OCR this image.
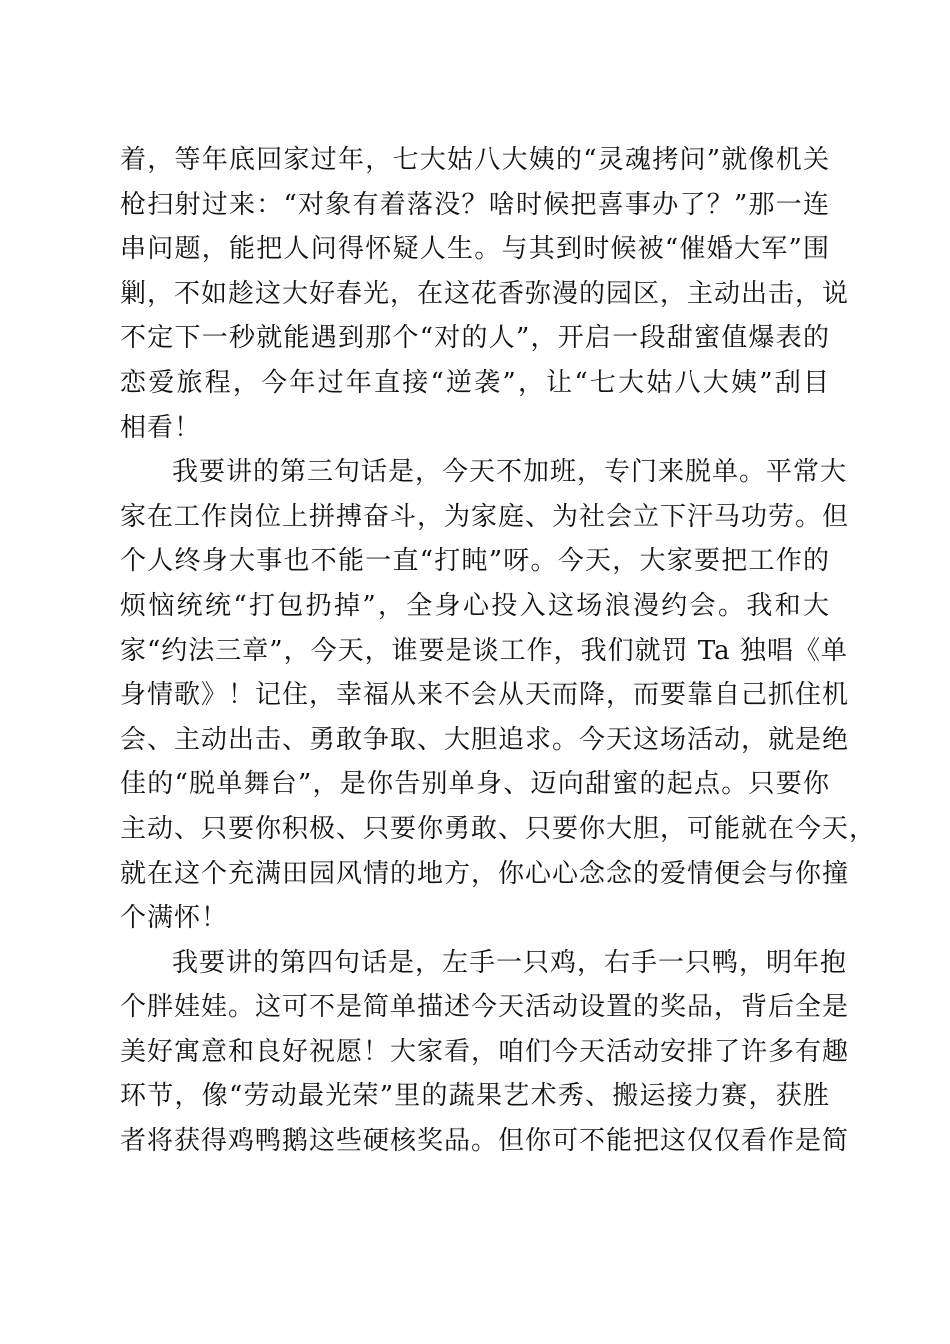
着，等年底回家过年，七大姑八大姨的“灵魂拷问”就像机关
枪扫射过来：“对象有着落没？啥时候把喜事办了？”那一连
串问题，能把人问得怀疑人生。与其到时候被“催婚大军”围
剿，不如趁这大好春光，在这花香弥漫的园区，主动出击，说
不定下一秒就能遇到那个“对的人”，开启一段甜蜜值爆表的
恋爱旅程，今年过年直接“逆袭”，让“七大姑八大姨”刮目
相看！
我要讲的第三句话是，今天不加班，专门来脱单。平常大
家在工作岗位上拼搏奋斗，为家庭、为社会立下汗马功劳。但
个人终身大事也不能一直“打盹”呀。今天，大家要把工作的
烦恼统统“打包扔掉”，全身心投入这场浪漫约会。我和大
家“约法三章”，今天，谁要是谈工作，我们就罚 Ta 独唱《单
身情歌》！记住，幸福从来不会从天而降，而要靠自己抓住机
会、主动出击、勇敢争取、大胆追求。今天这场活动，就是绝
佳的“脱单舞台”，是你告别单身、迈向甜蜜的起点。只要你
主动、只要你积极、只要你勇敢、只要你大胆，可能就在今天，
就在这个充满田园风情的地方，你心心念念的爱情便会与你撞
个满怀！
我要讲的第四句话是，左手一只鸡，右手一只鸭，明年抱
个胖娃娃。这可不是简单描述今天活动设置的奖品，背后全是
美好寓意和良好祝愿！大家看，咱们今天活动安排了许多有趣
环节，像“劳动最光荣”里的蔬果艺术秀、搬运接力赛，获胜
者将获得鸡鸭鹅这些硬核奖品。但你可不能把这仅仅看作是简
